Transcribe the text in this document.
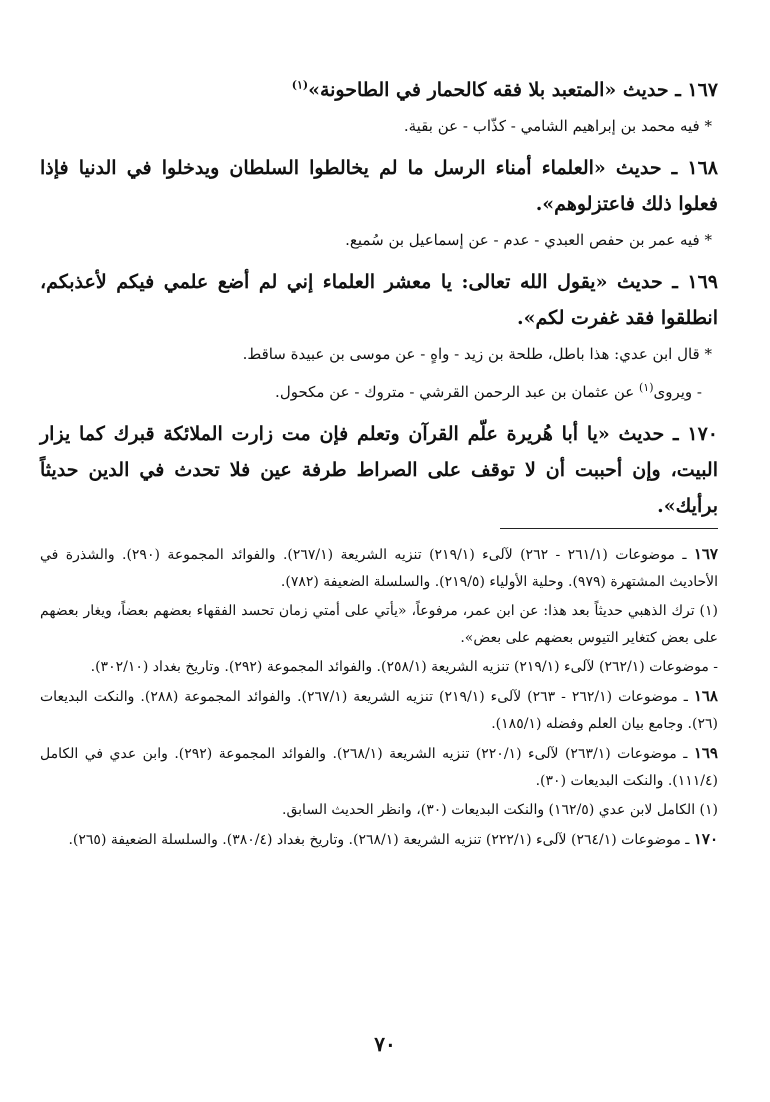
١٦٧ ـ حديث «المتعبد بلا فقه كالحمار في الطاحونة»$^{(١)}$

* فيه محمد بن إبراهيم الشامي - كذّاب - عن بقية.

١٦٨ ـ حديث «العلماء أمناء الرسل ما لم يخالطوا السلطان ويدخلوا في الدنيا فإذا فعلوا ذلك فاعتزلوهم».

* فيه عمر بن حفص العبدي - عدم - عن إسماعيل بن سُميع.

١٦٩ ـ حديث «يقول الله تعالى: يا معشر العلماء إني لم أضع علمي فيكم لأعذبكم، انطلقوا فقد غفرت لكم».

* قال ابن عدي: هذا باطل، طلحة بن زيد - واهٍ - عن موسى بن عبيدة ساقط.

- ويروى$^{(١)}$ عن عثمان بن عبد الرحمن القرشي - متروك - عن مكحول.

١٧٠ ـ حديث «يا أبا هُريرة علّم القرآن وتعلم فإن مت زارت الملائكة قبرك كما يزار البيت، وإن أحببت أن لا توقف على الصراط طرفة عين فلا تحدث في الدين حديثاً برأيك».

١٦٧ ـ موضوعات (٢٦١/١ - ٢٦٢) لآلىء (٢١٩/١) تنزيه الشريعة (٢٦٧/١). والفوائد المجموعة (٢٩٠). والشذرة في الأحاديث المشتهرة (٩٧٩). وحلية الأولياء (٢١٩/٥). والسلسلة الضعيفة (٧٨٢).

(١) ترك الذهبي حديثاً بعد هذا: عن ابن عمر، مرفوعاً، «يأتي على أمتي زمان تحسد الفقهاء بعضهم بعضاً، ويغار بعضهم على بعض كتغاير التيوس بعضهم على بعض».

- موضوعات (٢٦٢/١) لآلىء (٢١٩/١) تنزيه الشريعة (٢٥٨/١). والفوائد المجموعة (٢٩٢). وتاريخ بغداد (٣٠٢/١٠).

١٦٨ ـ موضوعات (٢٦٢/١ - ٢٦٣) لآلىء (٢١٩/١) تنزيه الشريعة (٢٦٧/١). والفوائد المجموعة (٢٨٨). والنكت البديعات (٢٦). وجامع بيان العلم وفضله (١٨٥/١).

١٦٩ ـ موضوعات (٢٦٣/١) لآلىء (٢٢٠/١) تنزيه الشريعة (٢٦٨/١). والفوائد المجموعة (٢٩٢). وابن عدي في الكامل (١١١/٤). والنكت البديعات (٣٠).

(١) الكامل لابن عدي (١٦٢/٥) والنكت البديعات (٣٠)، وانظر الحديث السابق.

١٧٠ ـ موضوعات (٢٦٤/١) لآلىء (٢٢٢/١) تنزيه الشريعة (٢٦٨/١). وتاريخ بغداد (٣٨٠/٤). والسلسلة الضعيفة (٢٦٥).

٧٠
